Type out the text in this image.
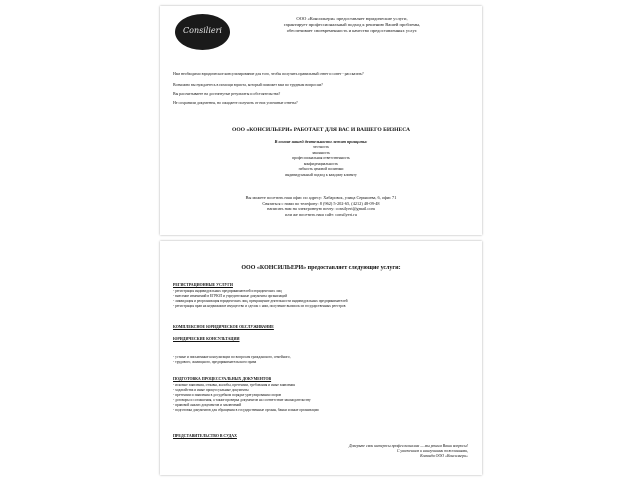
Consilieri
ООО «Консильери» предоставляет юридические услуги,
гарантирует профессиональный подход к решению Вашей проблемы,
обеспечивает своевременность и качество предоставленных услуг.
Нам необходимо юридическое консультирование для того, чтобы получить правильный ответ и совет - рассказать?
Возможно вы нуждаетесь в помощи юриста, который поможет вам по трудным вопросам?
Вы рассчитываете на достигнутые результаты и обстоятельства?
Не сохранили документы, но ожидаете получить от них успешные ответы?
ООО «КОНСИЛЬЕРИ» РАБОТАЕТ ДЛЯ ВАС И ВАШЕГО БИЗНЕСА
В основе нашей деятельности лежат принципы:
честность
законность
профессиональная ответственность
конфиденциальность
гибкость ценовой политики
индивидуальный подход к каждому клиенту
Вы можете посетить наш офис по адресу: Хабаровск, улица Серышева, 6, офис 71
Связаться с нами по телефону: 8 (962) 5-202-65, (4212) 48-09-48
написать нам на электронную почту: consilyeri@gmail.com
или же посетить наш сайт: consilyeri.ru
ООО «КОНСИЛЬЕРИ» предоставляет следующие услуги:
РЕГИСТРАЦИОННЫЕ УСЛУГИ
- регистрация индивидуальных предпринимателей и юридических лиц
- внесение изменений в ЕГРЮЛ и учредительные документы организаций
- ликвидация и реорганизация юридических лиц, прекращение деятельности индивидуальных предпринимателей
- регистрация прав на недвижимое имущество и сделок с ним, получение выписок из государственных реестров
КОМПЛЕКСНОЕ ЮРИДИЧЕСКОЕ ОБСЛУЖИВАНИЕ
ЮРИДИЧЕСКИЕ КОНСУЛЬТАЦИИ
- устные и письменные консультации по вопросам гражданского, семейного,
- трудового, жилищного, предпринимательского права
ПОДГОТОВКА ПРОЦЕССУАЛЬНЫХ ДОКУМЕНТОВ
- исковые заявления, отзывы, жалобы, претензии, требования и иные заявления
- ходатайства и иные процессуальные документы
- претензии и заявления в досудебном порядке урегулирования споров
- договоры и соглашения, а также проверка документов на соответствие законодательству
- правовой анализ документов и заключений
- подготовка документов для обращения в государственные органы, банки и иные организации
ПРЕДСТАВИТЕЛЬСТВО В СУДАХ
Доверьте свои интересы профессионалам — мы решим Ваши вопросы!
С уважением и наилучшими пожеланиями,
Команда ООО «Консильери»
